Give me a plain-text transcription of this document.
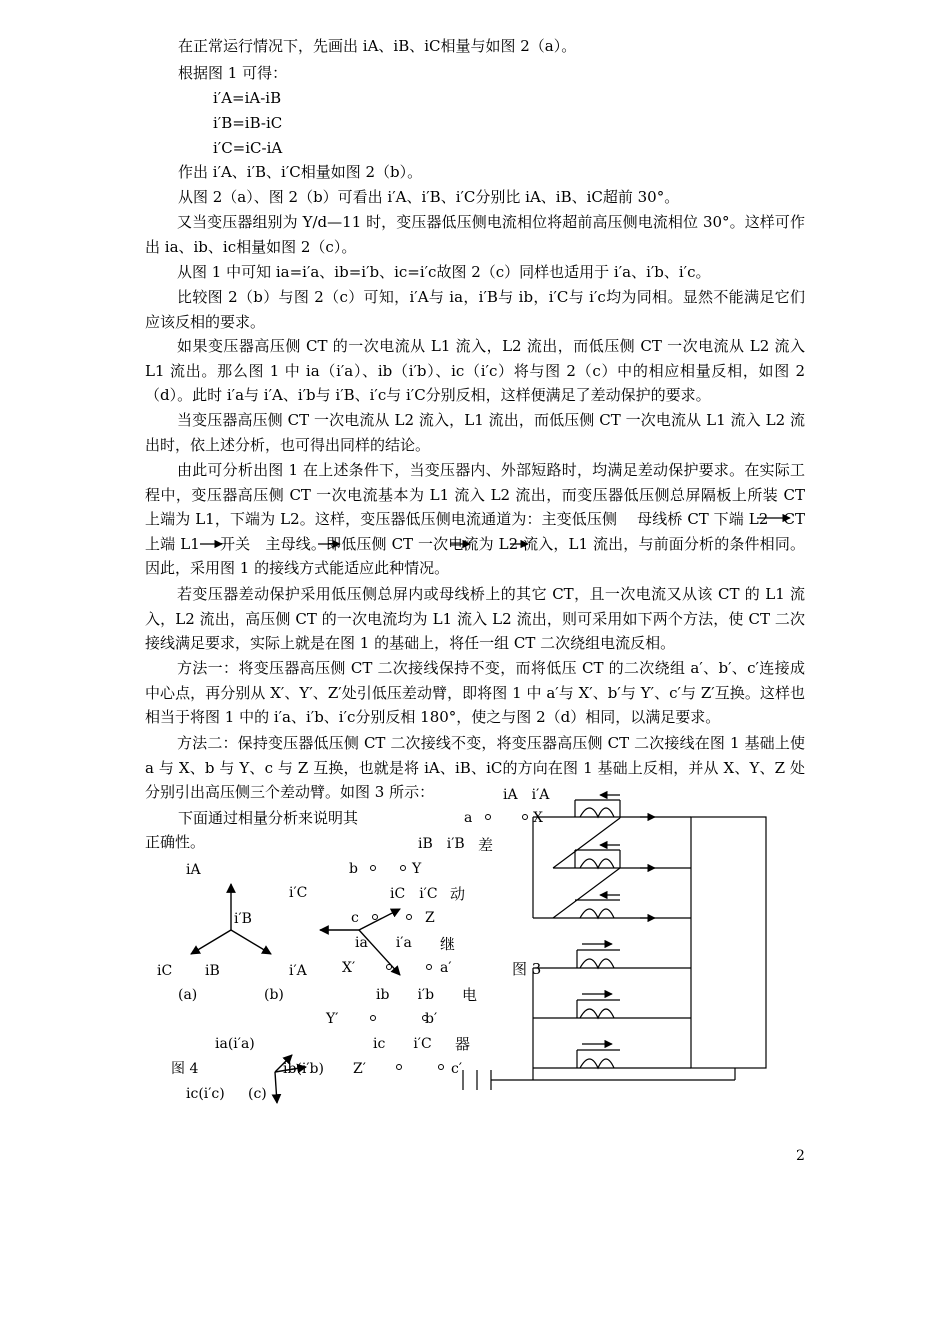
在正常运行情况下，先画出 iA、iB、iC相量与如图 2（a）。
根据图 1 可得：
i′A=iA-iB
i′B=iB-iC
i′C=iC-iA
作出 i′A、i′B、i′C相量如图 2（b）。
从图 2（a）、图 2（b）可看出 i′A、i′B、i′C分别比 iA、iB、iC超前 30°。
又当变压器组别为 Y/d—11 时，变压器低压侧电流相位将超前高压侧电流相位 30°。这样可作出 ia、ib、ic相量如图 2（c）。
从图 1 中可知 ia=i′a、ib=i′b、ic=i′c故图 2（c）同样也适用于 i′a、i′b、i′c。
比较图 2（b）与图 2（c）可知，i′A与 ia，i′B与 ib，i′C与 i′c均为同相。显然不能满足它们应该反相的要求。
如果变压器高压侧 CT 的一次电流从 L1 流入，L2 流出，而低压侧 CT 一次电流从 L2 流入 L1 流出。那么图 1 中 ia（i′a）、ib（i′b）、ic（i′c）将与图 2（c）中的相应相量反相，如图 2（d）。此时 i′a与 i′A、i′b与 i′B、i′c与 i′C分别反相，这样便满足了差动保护的要求。
当变压器高压侧 CT 一次电流从 L2 流入，L1 流出，而低压侧 CT 一次电流从 L1 流入 L2 流出时，依上述分析，也可得出同样的结论。
由此可分析出图 1 在上述条件下，当变压器内、外部短路时，均满足差动保护要求。在实际工程中，变压器高压侧 CT 一次电流基本为 L1 流入 L2 流出，而变压器低压侧总屏隔板上所装 CT 上端为 L1，下端为 L2。这样，变压器低压侧电流通道为：主变低压侧　 母线桥 CT 下端 L2　CT 上端 L1　 开关　主母线。即低压侧 CT 一次电流为 L2 流入，L1 流出，与前面分析的条件相同。因此，采用图 1 的接线方式能适应此种情况。
若变压器差动保护采用低压侧总屏内或母线桥上的其它 CT，且一次电流又从该 CT 的 L1 流入，L2 流出，高压侧 CT 的一次电流均为 L1 流入 L2 流出，则可采用如下两个方法，使 CT 二次接线满足要求，实际上就是在图 1 的基础上，将任一组 CT 二次绕组电流反相。
方法一：将变压器高压侧 CT 二次接线保持不变，而将低压 CT 的二次绕组 a′、b′、c′连接成中心点，再分别从 X′、Y′、Z′处引低压差动臂，即将图 1 中 a′与 X′、b′与 Y′、c′与 Z′互换。这样也相当于将图 1 中的 i′a、i′b、i′c分别反相 180°，使之与图 2（d）相同，以满足要求。
方法二：保持变压器低压侧 CT 二次接线不变，将变压器高压侧 CT 二次接线在图 1 基础上使 a 与 X、b 与 Y、c 与 Z 互换，也就是将 iA、iB、iC的方向在图 1 基础上反相，并从 X、Y、Z 处分别引出高压侧三个差动臂。如图 3 所示：
下面通过相量分析来说明其
正确性。
iA
iC iB
(a)
i′C
i′B
i′A
(b)
ia(i′a)
图 4	ib(i′b)
ic(i′c) (c)
iA　i′A
a	X
iB　i′B
b	Y
iC　i′C
c	Z
ia　　i′a
X′	a′
ib　　i′b
Y′	b′
ic　　i′C
Z′	c′
差
动
继
电
器
图 3
2
